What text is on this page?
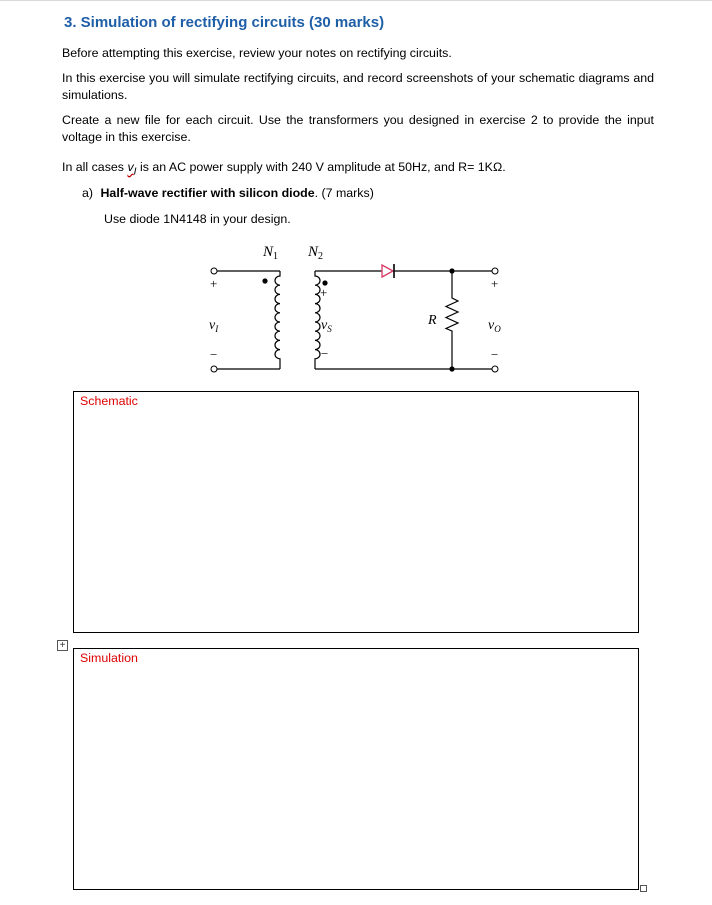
3. Simulation of rectifying circuits (30 marks)

Before attempting this exercise, review your notes on rectifying circuits.

In this exercise you will simulate rectifying circuits, and record screenshots of your schematic diagrams and simulations.

Create a new file for each circuit. Use the transformers you designed in exercise 2 to provide the input voltage in this exercise.

In all cases $v_I$ is an AC power supply with 240 V amplitude at 50Hz, and R= 1KΩ.

a) Half-wave rectifier with silicon diode. (7 marks)
Use diode 1N4148 in your design.
$N_1$ $N_2$
+
−
+
−
+
−
$v_I$	$v_S$
R	$v_O$
Schematic
+
Simulation
